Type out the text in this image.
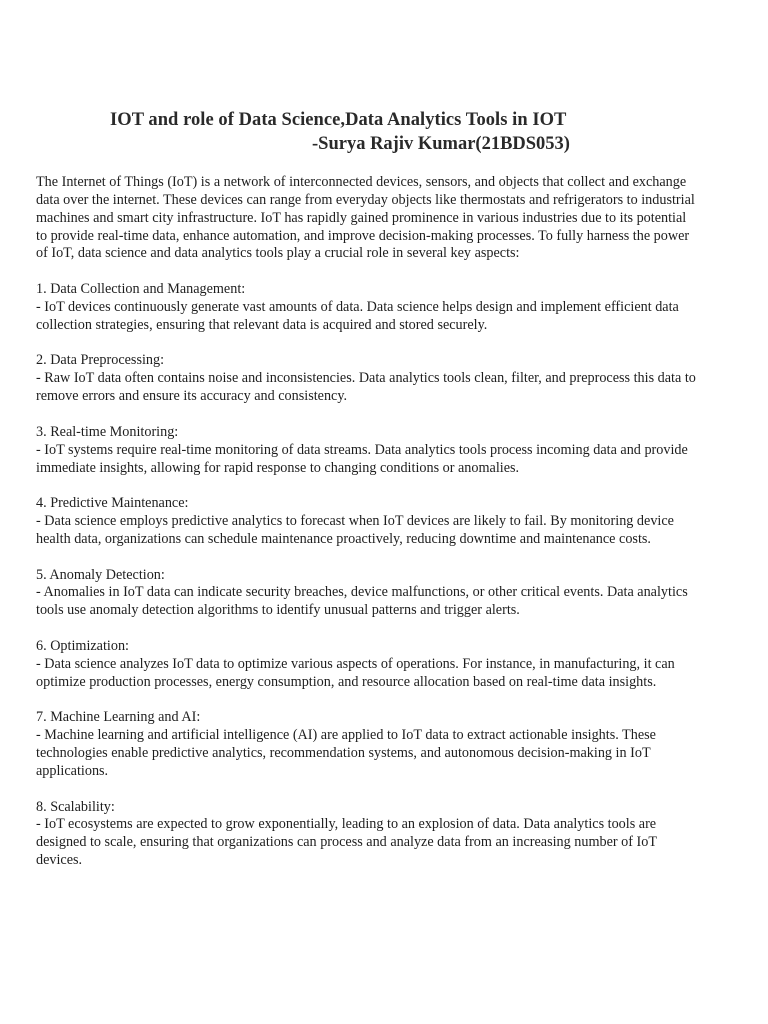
IOT and role of Data Science,Data Analytics Tools in IOT
-Surya Rajiv Kumar(21BDS053)

The Internet of Things (IoT) is a network of interconnected devices, sensors, and objects that collect and exchange data over the internet. These devices can range from everyday objects like thermostats and refrigerators to industrial machines and smart city infrastructure. IoT has rapidly gained prominence in various industries due to its potential to provide real-time data, enhance automation, and improve decision-making processes. To fully harness the power of IoT, data science and data analytics tools play a crucial role in several key aspects:

1. Data Collection and Management:
- IoT devices continuously generate vast amounts of data. Data science helps design and implement efficient data collection strategies, ensuring that relevant data is acquired and stored securely.
2. Data Preprocessing:
- Raw IoT data often contains noise and inconsistencies. Data analytics tools clean, filter, and preprocess this data to remove errors and ensure its accuracy and consistency.
3. Real-time Monitoring:
- IoT systems require real-time monitoring of data streams. Data analytics tools process incoming data and provide immediate insights, allowing for rapid response to changing conditions or anomalies.
4. Predictive Maintenance:
- Data science employs predictive analytics to forecast when IoT devices are likely to fail. By monitoring device health data, organizations can schedule maintenance proactively, reducing downtime and maintenance costs.
5. Anomaly Detection:
- Anomalies in IoT data can indicate security breaches, device malfunctions, or other critical events. Data analytics tools use anomaly detection algorithms to identify unusual patterns and trigger alerts.
6. Optimization:
- Data science analyzes IoT data to optimize various aspects of operations. For instance, in manufacturing, it can optimize production processes, energy consumption, and resource allocation based on real-time data insights.
7. Machine Learning and AI:
- Machine learning and artificial intelligence (AI) are applied to IoT data to extract actionable insights. These technologies enable predictive analytics, recommendation systems, and autonomous decision-making in IoT applications.
8. Scalability:
- IoT ecosystems are expected to grow exponentially, leading to an explosion of data. Data analytics tools are designed to scale, ensuring that organizations can process and analyze data from an increasing number of IoT devices.
